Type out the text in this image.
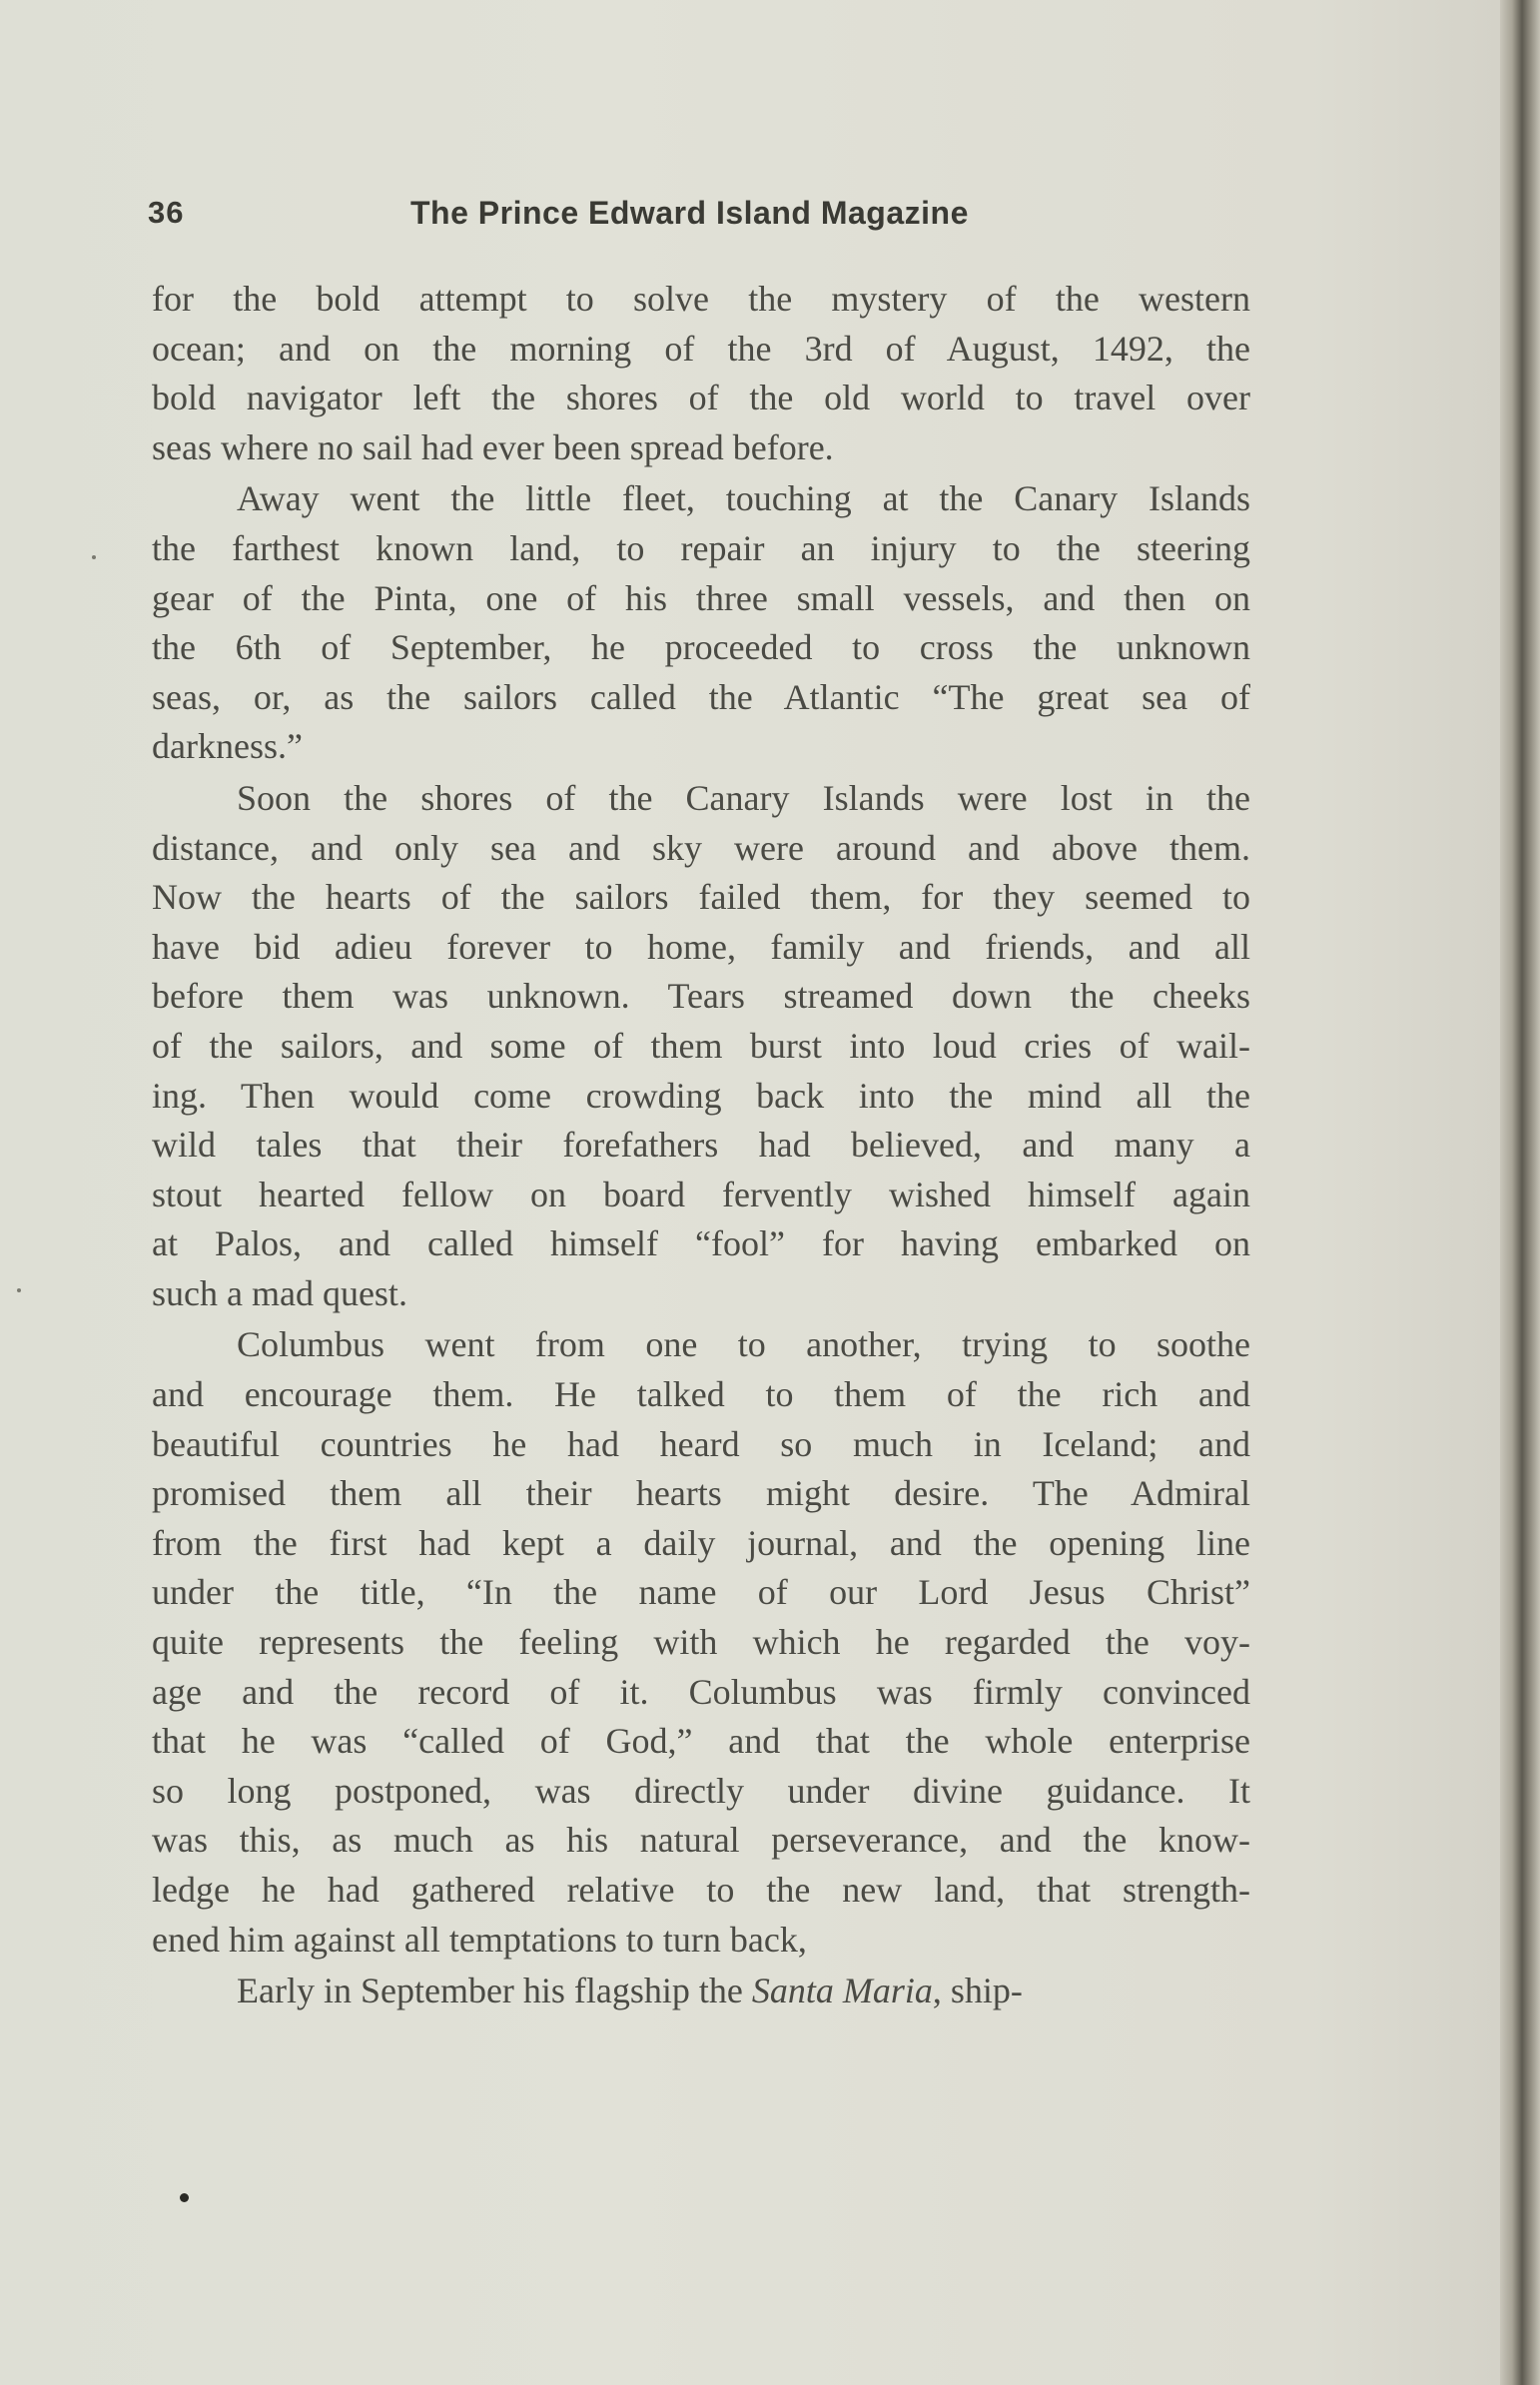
36	The Prince Edward Island Magazine
for the bold attempt to solve the mystery of the western
ocean; and on the morning of the 3rd of August, 1492, the
bold navigator left the shores of the old world to travel over
seas where no sail had ever been spread before.
Away went the little fleet, touching at the Canary Islands
the farthest known land, to repair an injury to the steering
gear of the Pinta, one of his three small vessels, and then on
the 6th of September, he proceeded to cross the unknown
seas, or, as the sailors called the Atlantic “The great sea of
darkness.”
Soon the shores of the Canary Islands were lost in the
distance, and only sea and sky were around and above them.
Now the hearts of the sailors failed them, for they seemed to
have bid adieu forever to home, family and friends, and all
before them was unknown. Tears streamed down the cheeks
of the sailors, and some of them burst into loud cries of wail-
ing. Then would come crowding back into the mind all the
wild tales that their forefathers had believed, and many a
stout hearted fellow on board fervently wished himself again
at Palos, and called himself “fool” for having embarked on
such a mad quest.
Columbus went from one to another, trying to soothe
and encourage them. He talked to them of the rich and
beautiful countries he had heard so much in Iceland; and
promised them all their hearts might desire. The Admiral
from the first had kept a daily journal, and the opening line
under the title, “In the name of our Lord Jesus Christ”
quite represents the feeling with which he regarded the voy-
age and the record of it. Columbus was firmly convinced
that he was “called of God,” and that the whole enterprise
so long postponed, was directly under divine guidance. It
was this, as much as his natural perseverance, and the know-
ledge he had gathered relative to the new land, that strength-
ened him against all temptations to turn back,
Early in September his flagship the Santa Maria, ship-
